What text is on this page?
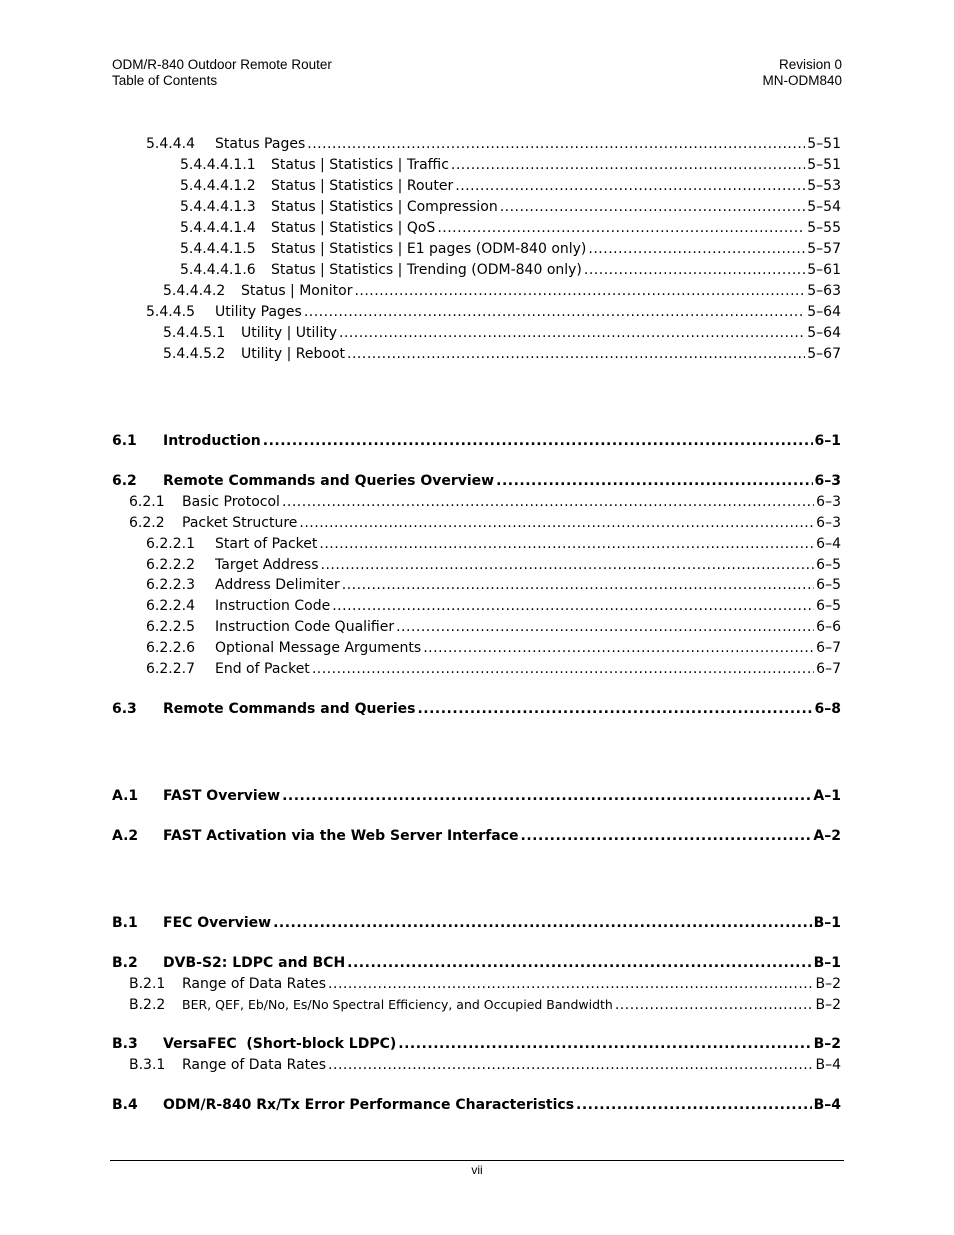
ODM/R-840 Outdoor Remote Router
Table of Contents
Revision 0
MN-ODM840
5.4.4.4	Status Pages .....	5–51
5.4.4.4.1.1	Status | Statistics | Traffic .....	5–51
5.4.4.4.1.2	Status | Statistics | Router .....	5–53
5.4.4.4.1.3	Status | Statistics | Compression .....	5–54
5.4.4.4.1.4	Status | Statistics | QoS .....	5–55
5.4.4.4.1.5	Status | Statistics | E1 pages (ODM-840 only) .....	5–57
5.4.4.4.1.6	Status | Statistics | Trending (ODM-840 only) .....	5–61
5.4.4.4.2	Status | Monitor .....	5–63
5.4.4.5	Utility Pages .....	5–64
5.4.4.5.1	Utility | Utility .....	5–64
5.4.4.5.2	Utility | Reboot .....	5–67
6.1	Introduction .....	6–1
6.2	Remote Commands and Queries Overview .....	6–3
6.2.1	Basic Protocol .....	6–3
6.2.2	Packet Structure .....	6–3
6.2.2.1	Start of Packet .....	6–4
6.2.2.2	Target Address .....	6–5
6.2.2.3	Address Delimiter .....	6–5
6.2.2.4	Instruction Code .....	6–5
6.2.2.5	Instruction Code Qualifier .....	6–6
6.2.2.6	Optional Message Arguments .....	6–7
6.2.2.7	End of Packet .....	6–7
6.3	Remote Commands and Queries .....	6–8
A.1	FAST Overview .....	A–1
A.2	FAST Activation via the Web Server Interface .....	A–2
B.1	FEC Overview .....	B–1
B.2	DVB-S2: LDPC and BCH .....	B–1
B.2.1	Range of Data Rates .....	B–2
B.2.2	BER, QEF, Eb/No, Es/No Spectral Efficiency, and Occupied Bandwidth .....	B–2
B.3	VersaFEC  (Short-block LDPC) .....	B–2
B.3.1	Range of Data Rates .....	B–4
B.4	ODM/R-840 Rx/Tx Error Performance Characteristics .....	B–4
vii
